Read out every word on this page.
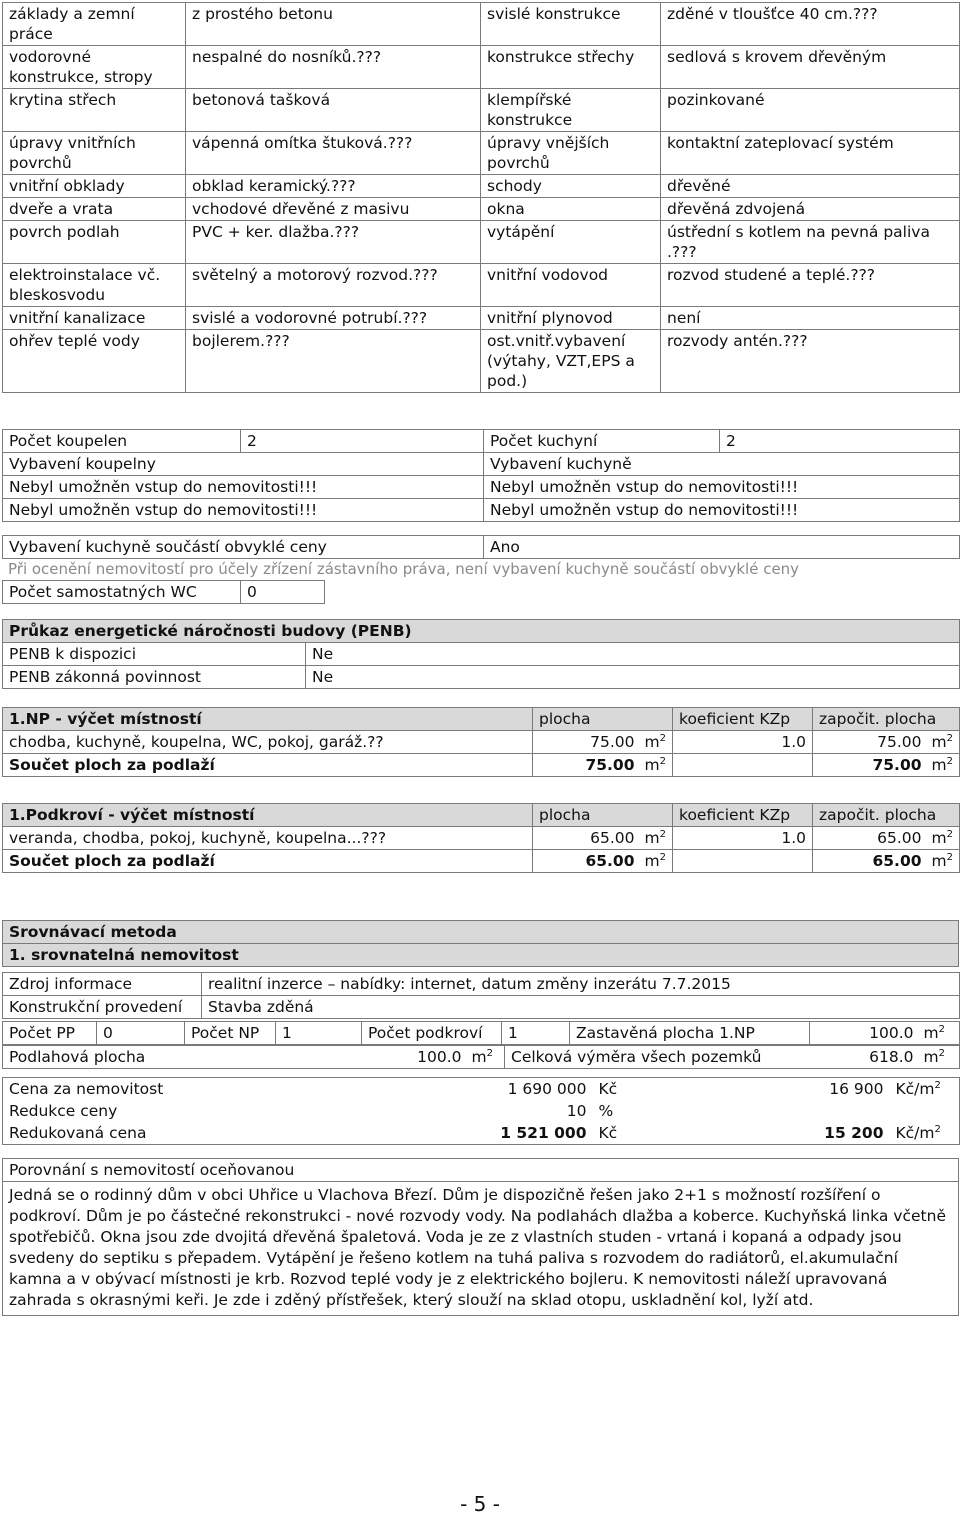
základy a zemní práce	z prostého betonu	svislé konstrukce	zděné v tloušťce 40 cm.???
vodorovné konstrukce, stropy	nespalné do nosníků.???	konstrukce střechy	sedlová s krovem dřevěným
krytina střech	betonová tašková	klempířské konstrukce	pozinkované
úpravy vnitřních povrchů	vápenná omítka štuková.???	úpravy vnějších povrchů	kontaktní zateplovací systém
vnitřní obklady	obklad keramický.???	schody	dřevěné
dveře a vrata	vchodové dřevěné z masivu	okna	dřevěná zdvojená
povrch podlah	PVC + ker. dlažba.???	vytápění	ústřední s kotlem na pevná paliva .???
elektroinstalace vč. bleskosvodu	světelný a motorový rozvod.???	vnitřní vodovod	rozvod studené a teplé.???
vnitřní kanalizace	svislé a vodorovné potrubí.???	vnitřní plynovod	není
ohřev teplé vody	bojlerem.???	ost.vnitř.vybavení (výtahy, VZT,EPS a pod.)	rozvody antén.???
Počet koupelen	2	Počet kuchyní	2
Vybavení koupelny		Vybavení kuchyně	
Nebyl umožněn vstup do nemovitosti!!!		Nebyl umožněn vstup do nemovitosti!!!	
Nebyl umožněn vstup do nemovitosti!!!		Nebyl umožněn vstup do nemovitosti!!!	
Vybavení kuchyně součástí obvyklé ceny	Ano
Při ocenění nemovitostí pro účely zřízení zástavního práva, není vybavení kuchyně součástí obvyklé ceny
Počet samostatných WC	0
Průkaz energetické náročnosti budovy (PENB)	
PENB k dispozici	Ne
PENB zákonná povinnost	Ne
1.NP - výčet místností	plocha		koeficient KZp	započit. plocha	
chodba, kuchyně, koupelna, WC, pokoj, garáž.??	75.00	$m^2$	1.0	75.00	$m^2$
Součet ploch za podlaží	75.00	$m^2$		75.00	$m^2$
1.Podkroví - výčet místností	plocha		koeficient KZp	započit. plocha	
veranda, chodba, pokoj, kuchyně, koupelna...???	65.00	$m^2$	1.0	65.00	$m^2$
Součet ploch za podlaží	65.00	$m^2$		65.00	$m^2$
Srovnávací metoda
1. srovnatelná nemovitost
Zdroj informace	realitní inzerce – nabídky: internet, datum změny inzerátu 7.7.2015
Konstrukční provedení	Stavba zděná
Počet PP	0	Počet NP	1	Počet podkroví	1	Zastavěná plocha 1.NP	100.0	$m^2$
Podlahová plocha	100.0	$m^2$	Celková výměra všech pozemků	618.0	$m^2$
Cena za nemovitost	1 690 000	Kč	16 900	$Kč/m^2$
Redukce ceny	10	%		
Redukovaná cena	1 521 000	Kč	15 200	$Kč/m^2$
Porovnání s nemovitostí oceňovanou
Jedná se o rodinný dům v obci Uhřice u Vlachova Březí. Dům je dispozičně řešen jako 2+1 s možností rozšíření o podkroví. Dům je po částečné rekonstrukci - nové rozvody vody. Na podlahách dlažba a koberce. Kuchyňská linka včetně spotřebičů. Okna jsou zde dvojitá dřevěná špaletová. Voda je ze z vlastních studen - vrtaná i kopaná a odpady jsou svedeny do septiku s přepadem. Vytápění je řešeno kotlem na tuhá paliva s rozvodem do radiátorů, el.akumulační kamna a v obývací místnosti je krb. Rozvod teplé vody je z elektrického bojleru. K nemovitosti náleží upravovaná zahrada s okrasnými keři. Je zde i zděný přístřešek, který slouží na sklad otopu, uskladnění kol, lyží atd.
- 5 -
